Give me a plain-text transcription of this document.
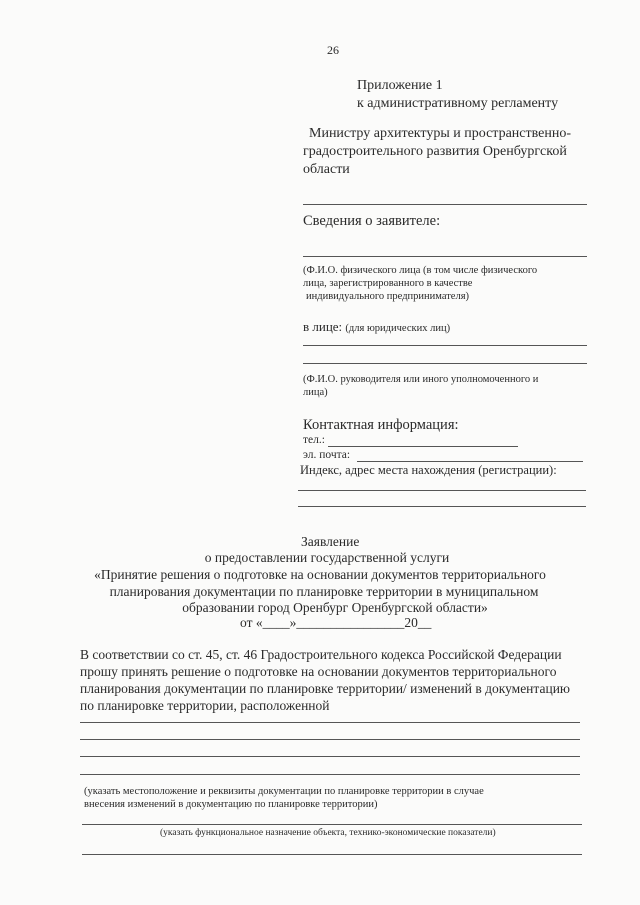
26
Приложение 1
к административному регламенту
Министру архитектуры и пространственно-
градостроительного развития Оренбургской
области
Сведения о заявителе:
(Ф.И.О. физического лица (в том числе физического
лица, зарегистрированного в качестве
индивидуального предпринимателя)
в лице: (для юридических лиц)
(Ф.И.О. руководителя или иного уполномоченного и
лица)
Контактная информация:
тел.:
эл. почта:
Индекс, адрес места нахождения (регистрации):
Заявление
о предоставлении государственной услуги
«Принятие решения о подготовке на основании документов территориального
планирования документации по планировке территории в муниципальном
образовании город Оренбург Оренбургской области»
от «____»________________20__
В соответствии со ст. 45, ст. 46 Градостроительного кодекса Российской Федерации
прошу принять решение о подготовке на основании документов территориального
планирования документации по планировке территории/ изменений в документацию
по планировке территории, расположенной
(указать местоположение и реквизиты документации по планировке территории в случае
внесения изменений в документацию по планировке территории)
(указать функциональное назначение объекта, технико-экономические показатели)
